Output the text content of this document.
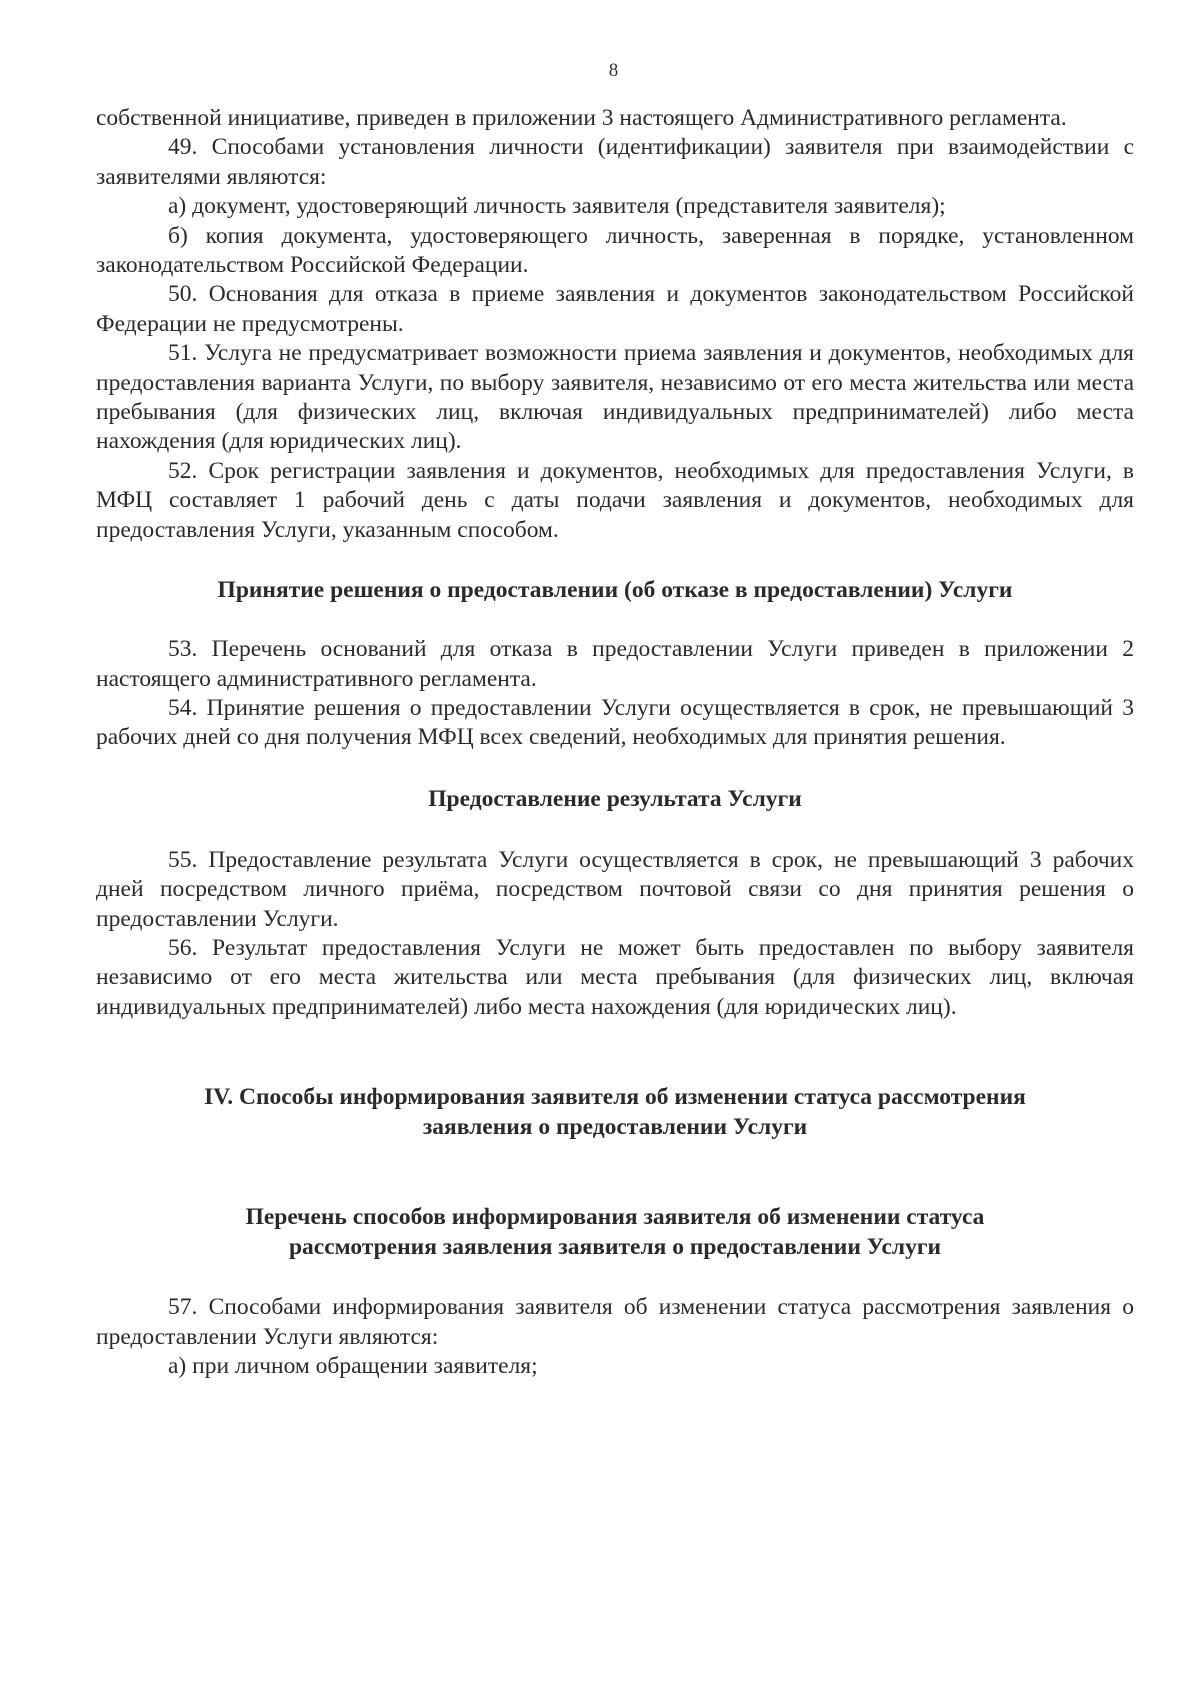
8

собственной инициативе, приведен в приложении 3 настоящего Административного регламента.

49. Способами установления личности (идентификации) заявителя при взаимодействии с заявителями являются:

а) документ, удостоверяющий личность заявителя (представителя заявителя);

б) копия документа, удостоверяющего личность, заверенная в порядке, установленном законодательством Российской Федерации.

50. Основания для отказа в приеме заявления и документов законодательством Российской Федерации не предусмотрены.

51. Услуга не предусматривает возможности приема заявления и документов, необходимых для предоставления варианта Услуги, по выбору заявителя, независимо от его места жительства или места пребывания (для физических лиц, включая индивидуальных предпринимателей) либо места нахождения (для юридических лиц).

52. Срок регистрации заявления и документов, необходимых для предоставления Услуги, в МФЦ составляет 1 рабочий день с даты подачи заявления и документов, необходимых для предоставления Услуги, указанным способом.

Принятие решения о предоставлении (об отказе в предоставлении) Услуги

53. Перечень оснований для отказа в предоставлении Услуги приведен в приложении 2 настоящего административного регламента.

54. Принятие решения о предоставлении Услуги осуществляется в срок, не превышающий 3 рабочих дней со дня получения МФЦ всех сведений, необходимых для принятия решения.

Предоставление результата Услуги

55. Предоставление результата Услуги осуществляется в срок, не превышающий 3 рабочих дней посредством личного приёма, посредством почтовой связи со дня принятия решения о предоставлении Услуги.

56. Результат предоставления Услуги не может быть предоставлен по выбору заявителя независимо от его места жительства или места пребывания (для физических лиц, включая индивидуальных предпринимателей) либо места нахождения (для юридических лиц).

IV. Способы информирования заявителя об изменении статуса рассмотрения
заявления о предоставлении Услуги
Перечень способов информирования заявителя об изменении статуса
рассмотрения заявления заявителя о предоставлении Услуги

57. Способами информирования заявителя об изменении статуса рассмотрения заявления о предоставлении Услуги являются:

а) при личном обращении заявителя;
